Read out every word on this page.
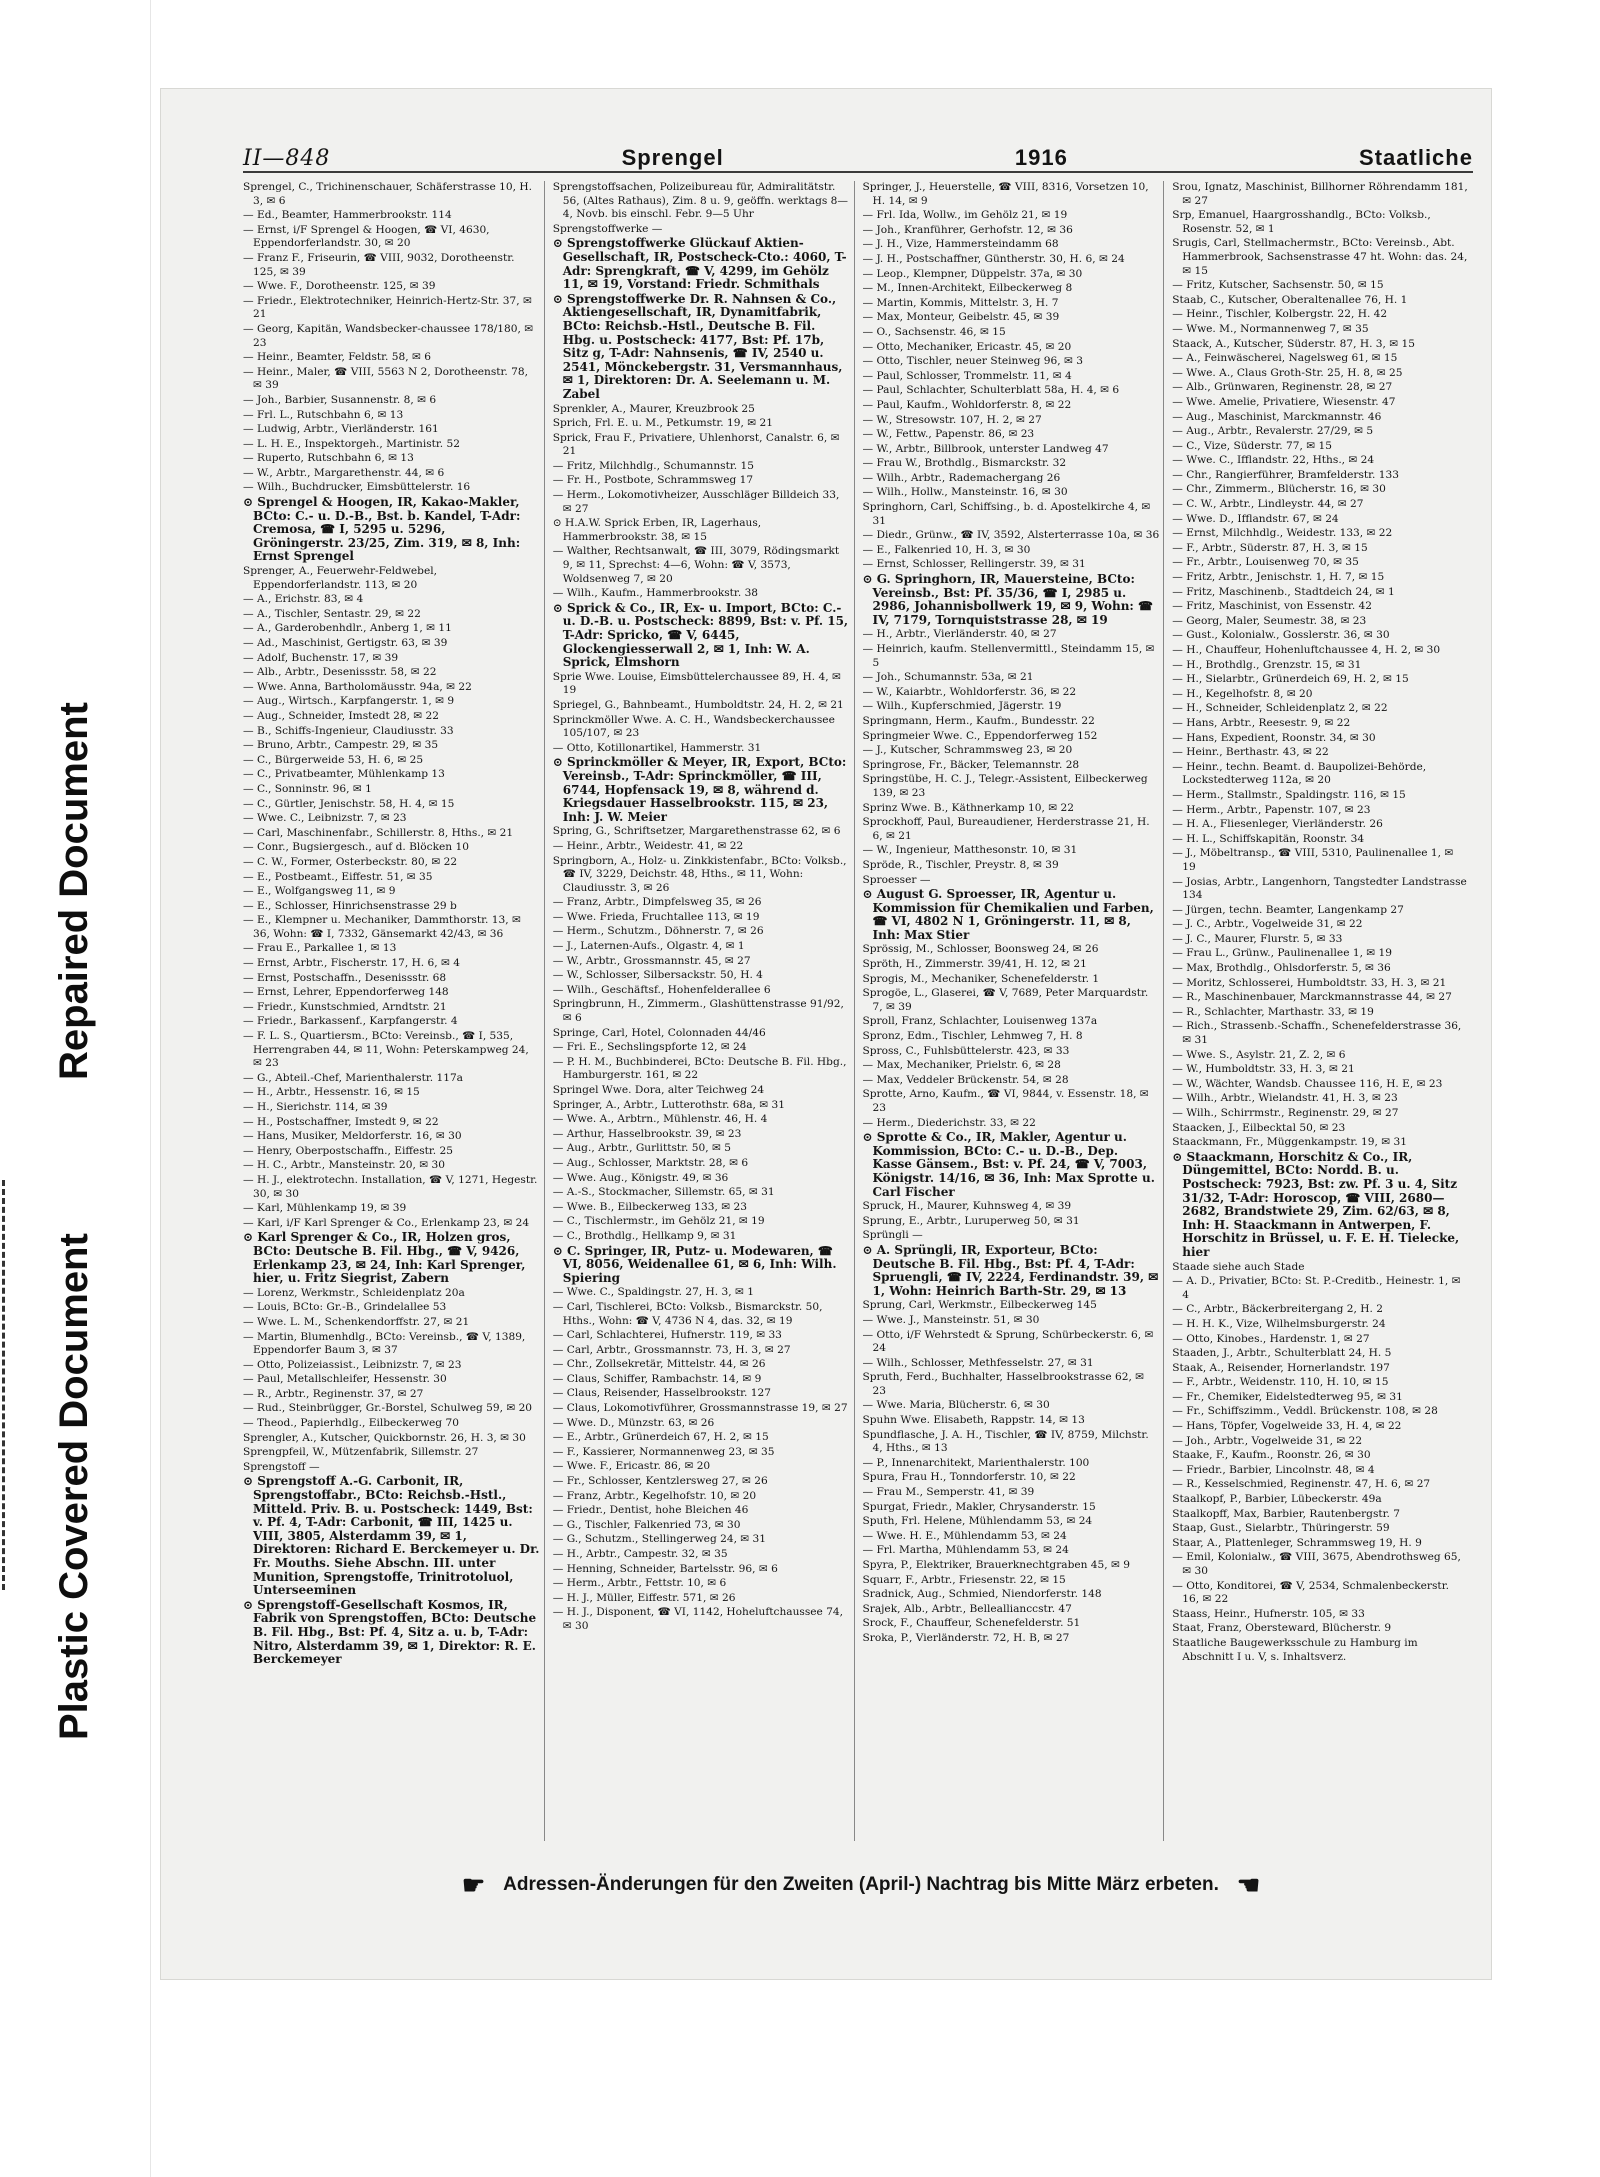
Repaired Document
Plastic Covered Document
II—848	Sprengel	1916	Staatliche
Sprengel, C., Trichinenschauer, Schäferstrasse 10, H. 3, ✉ 6
— Ed., Beamter, Hammerbrookstr. 114
— Ernst, i/F Sprengel & Hoogen, ☎ VI, 4630, Eppendorferlandstr. 30, ✉ 20
— Franz F., Friseurin, ☎ VIII, 9032, Dorotheenstr. 125, ✉ 39
— Wwe. F., Dorotheenstr. 125, ✉ 39
— Friedr., Elektrotechniker, Heinrich-Hertz-Str. 37, ✉ 21
— Georg, Kapitän, Wandsbecker-chaussee 178/180, ✉ 23
— Heinr., Beamter, Feldstr. 58, ✉ 6
— Heinr., Maler, ☎ VIII, 5563 N 2, Dorotheenstr. 78, ✉ 39
— Joh., Barbier, Susannenstr. 8, ✉ 6
— Frl. L., Rutschbahn 6, ✉ 13
— Ludwig, Arbtr., Vierländerstr. 161
— L. H. E., Inspektorgeh., Martinistr. 52
— Ruperto, Rutschbahn 6, ✉ 13
— W., Arbtr., Margarethenstr. 44, ✉ 6
— Wilh., Buchdrucker, Eimsbüttelerstr. 16
⊙ Sprengel & Hoogen, IR, Kakao-Makler, BCto: C.- u. D.-B., Bst. b. Kandel, T-Adr: Cremosa, ☎ I, 5295 u. 5296, Gröningerstr. 23/25, Zim. 319, ✉ 8, Inh: Ernst Sprengel
Sprenger, A., Feuerwehr-Feldwebel, Eppendorferlandstr. 113, ✉ 20
— A., Erichstr. 83, ✉ 4
— A., Tischler, Sentastr. 29, ✉ 22
— A., Garderobenhdlr., Anberg 1, ✉ 11
— Ad., Maschinist, Gertigstr. 63, ✉ 39
— Adolf, Buchenstr. 17, ✉ 39
— Alb., Arbtr., Desenissstr. 58, ✉ 22
— Wwe. Anna, Bartholomäusstr. 94a, ✉ 22
— Aug., Wirtsch., Karpfangerstr. 1, ✉ 9
— Aug., Schneider, Imstedt 28, ✉ 22
— B., Schiffs-Ingenieur, Claudiusstr. 33
— Bruno, Arbtr., Campestr. 29, ✉ 35
— C., Bürgerweide 53, H. 6, ✉ 25
— C., Privatbeamter, Mühlenkamp 13
— C., Sonninstr. 96, ✉ 1
— C., Gürtler, Jenischstr. 58, H. 4, ✉ 15
— Wwe. C., Leibnizstr. 7, ✉ 23
— Carl, Maschinenfabr., Schillerstr. 8, Hths., ✉ 21
— Conr., Bugsiergesch., auf d. Blöcken 10
— C. W., Former, Osterbeckstr. 80, ✉ 22
— E., Postbeamt., Eiffestr. 51, ✉ 35
— E., Wolfgangsweg 11, ✉ 9
— E., Schlosser, Hinrichsenstrasse 29 b
— E., Klempner u. Mechaniker, Dammthorstr. 13, ✉ 36, Wohn: ☎ I, 7332, Gänsemarkt 42/43, ✉ 36
— Frau E., Parkallee 1, ✉ 13
— Ernst, Arbtr., Fischerstr. 17, H. 6, ✉ 4
— Ernst, Postschaffn., Desenissstr. 68
— Ernst, Lehrer, Eppendorferweg 148
— Friedr., Kunstschmied, Arndtstr. 21
— Friedr., Barkassenf., Karpfangerstr. 4
— F. L. S., Quartiersm., BCto: Vereinsb., ☎ I, 535, Herrengraben 44, ✉ 11, Wohn: Peterskampweg 24, ✉ 23
— G., Abteil.-Chef, Marienthalerstr. 117a
— H., Arbtr., Hessenstr. 16, ✉ 15
— H., Sierichstr. 114, ✉ 39
— H., Postschaffner, Imstedt 9, ✉ 22
— Hans, Musiker, Meldorferstr. 16, ✉ 30
— Henry, Oberpostschaffn., Eiffestr. 25
— H. C., Arbtr., Mansteinstr. 20, ✉ 30
— H. J., elektrotechn. Installation, ☎ V, 1271, Hegestr. 30, ✉ 30
— Karl, Mühlenkamp 19, ✉ 39
— Karl, i/F Karl Sprenger & Co., Erlenkamp 23, ✉ 24
⊙ Karl Sprenger & Co., IR, Holzen gros, BCto: Deutsche B. Fil. Hbg., ☎ V, 9426, Erlenkamp 23, ✉ 24, Inh: Karl Sprenger, hier, u. Fritz Siegrist, Zabern
— Lorenz, Werkmstr., Schleidenplatz 20a
— Louis, BCto: Gr.-B., Grindelallee 53
— Wwe. L. M., Schenkendorffstr. 27, ✉ 21
— Martin, Blumenhdlg., BCto: Vereinsb., ☎ V, 1389, Eppendorfer Baum 3, ✉ 37
— Otto, Polizeiassist., Leibnizstr. 7, ✉ 23
— Paul, Metallschleifer, Hessenstr. 30
— R., Arbtr., Reginenstr. 37, ✉ 27
— Rud., Steinbrügger, Gr.-Borstel, Schulweg 59, ✉ 20
— Theod., Papierhdlg., Eilbeckerweg 70
Sprengler, A., Kutscher, Quickbornstr. 26, H. 3, ✉ 30
Sprengpfeil, W., Mützenfabrik, Sillemstr. 27
Sprengstoff —
⊙ Sprengstoff A.-G. Carbonit, IR, Sprengstoffabr., BCto: Reichsb.-Hstl., Mitteld. Priv. B. u. Postscheck: 1449, Bst: v. Pf. 4, T-Adr: Carbonit, ☎ III, 1425 u. VIII, 3805, Alsterdamm 39, ✉ 1, Direktoren: Richard E. Berckemeyer u. Dr. Fr. Mouths. Siehe Abschn. III. unter Munition, Sprengstoffe, Trinitrotoluol, Unterseeminen
⊙ Sprengstoff-Gesellschaft Kosmos, IR, Fabrik von Sprengstoffen, BCto: Deutsche B. Fil. Hbg., Bst: Pf. 4, Sitz a. u. b, T-Adr: Nitro, Alsterdamm 39, ✉ 1, Direktor: R. E. Berckemeyer
Sprengstoffsachen, Polizeibureau für, Admiralitätstr. 56, (Altes Rathaus), Zim. 8 u. 9, geöffn. werktags 8—4, Novb. bis einschl. Febr. 9—5 Uhr
Sprengstoffwerke —
⊙ Sprengstoffwerke Glückauf Aktien-Gesellschaft, IR, Postscheck-Cto.: 4060, T-Adr: Sprengkraft, ☎ V, 4299, im Gehölz 11, ✉ 19, Vorstand: Friedr. Schmithals
⊙ Sprengstoffwerke Dr. R. Nahnsen & Co., Aktiengesellschaft, IR, Dynamitfabrik, BCto: Reichsb.-Hstl., Deutsche B. Fil. Hbg. u. Postscheck: 4177, Bst: Pf. 17b, Sitz g, T-Adr: Nahnsenis, ☎ IV, 2540 u. 2541, Mönckebergstr. 31, Versmannhaus, ✉ 1, Direktoren: Dr. A. Seelemann u. M. Zabel
Sprenkler, A., Maurer, Kreuzbrook 25
Sprich, Frl. E. u. M., Petkumstr. 19, ✉ 21
Sprick, Frau F., Privatiere, Uhlenhorst, Canalstr. 6, ✉ 21
— Fritz, Milchhdlg., Schumannstr. 15
— Fr. H., Postbote, Schrammsweg 17
— Herm., Lokomotivheizer, Ausschläger Billdeich 33, ✉ 27
⊙ H.A.W. Sprick Erben, IR, Lagerhaus, Hammerbrookstr. 38, ✉ 15
— Walther, Rechtsanwalt, ☎ III, 3079, Rödingsmarkt 9, ✉ 11, Sprechst: 4—6, Wohn: ☎ V, 3573, Woldsenweg 7, ✉ 20
— Wilh., Kaufm., Hammerbrookstr. 38
⊙ Sprick & Co., IR, Ex- u. Import, BCto: C.- u. D.-B. u. Postscheck: 8899, Bst: v. Pf. 15, T-Adr: Spricko, ☎ V, 6445, Glockengiesserwall 2, ✉ 1, Inh: W. A. Sprick, Elmshorn
Sprie Wwe. Louise, Eimsbüttelerchaussee 89, H. 4, ✉ 19
Spriegel, G., Bahnbeamt., Humboldtstr. 24, H. 2, ✉ 21
Sprinckmöller Wwe. A. C. H., Wandsbeckerchaussee 105/107, ✉ 23
— Otto, Kotillonartikel, Hammerstr. 31
⊙ Sprinckmöller & Meyer, IR, Export, BCto: Vereinsb., T-Adr: Sprinckmöller, ☎ III, 6744, Hopfensack 19, ✉ 8, während d. Kriegsdauer Hasselbrookstr. 115, ✉ 23, Inh: J. W. Meier
Spring, G., Schriftsetzer, Margarethenstrasse 62, ✉ 6
— Heinr., Arbtr., Weidestr. 41, ✉ 22
Springborn, A., Holz- u. Zinkkistenfabr., BCto: Volksb., ☎ IV, 3229, Deichstr. 48, Hths., ✉ 11, Wohn: Claudiusstr. 3, ✉ 26
— Franz, Arbtr., Dimpfelsweg 35, ✉ 26
— Wwe. Frieda, Fruchtallee 113, ✉ 19
— Herm., Schutzm., Döhnerstr. 7, ✉ 26
— J., Laternen-Aufs., Olgastr. 4, ✉ 1
— W., Arbtr., Grossmannstr. 45, ✉ 27
— W., Schlosser, Silbersackstr. 50, H. 4
— Wilh., Geschäftsf., Hohenfelderallee 6
Springbrunn, H., Zimmerm., Glashüttenstrasse 91/92, ✉ 6
Springe, Carl, Hotel, Colonnaden 44/46
— Fri. E., Sechslingspforte 12, ✉ 24
— P. H. M., Buchbinderei, BCto: Deutsche B. Fil. Hbg., Hamburgerstr. 161, ✉ 22
Springel Wwe. Dora, alter Teichweg 24
Springer, A., Arbtr., Lutterothstr. 68a, ✉ 31
— Wwe. A., Arbtrn., Mühlenstr. 46, H. 4
— Arthur, Hasselbrookstr. 39, ✉ 23
— Aug., Arbtr., Gurlittstr. 50, ✉ 5
— Aug., Schlosser, Marktstr. 28, ✉ 6
— Wwe. Aug., Königstr. 49, ✉ 36
— A.-S., Stockmacher, Sillemstr. 65, ✉ 31
— Wwe. B., Eilbeckerweg 133, ✉ 23
— C., Tischlermstr., im Gehölz 21, ✉ 19
— C., Brothdlg., Hellkamp 9, ✉ 31
⊙ C. Springer, IR, Putz- u. Modewaren, ☎ VI, 8056, Weidenallee 61, ✉ 6, Inh: Wilh. Spiering
— Wwe. C., Spaldingstr. 27, H. 3, ✉ 1
— Carl, Tischlerei, BCto: Volksb., Bismarckstr. 50, Hths., Wohn: ☎ V, 4736 N 4, das. 32, ✉ 19
— Carl, Schlachterei, Hufnerstr. 119, ✉ 33
— Carl, Arbtr., Grossmannstr. 73, H. 3, ✉ 27
— Chr., Zollsekretär, Mittelstr. 44, ✉ 26
— Claus, Schiffer, Rambachstr. 14, ✉ 9
— Claus, Reisender, Hasselbrookstr. 127
— Claus, Lokomotivführer, Grossmannstrasse 19, ✉ 27
— Wwe. D., Münzstr. 63, ✉ 26
— E., Arbtr., Grünerdeich 67, H. 2, ✉ 15
— F., Kassierer, Normannenweg 23, ✉ 35
— Wwe. F., Ericastr. 86, ✉ 20
— Fr., Schlosser, Kentzlersweg 27, ✉ 26
— Franz, Arbtr., Kegelhofstr. 10, ✉ 20
— Friedr., Dentist, hohe Bleichen 46
— G., Tischler, Falkenried 73, ✉ 30
— G., Schutzm., Stellingerweg 24, ✉ 31
— H., Arbtr., Campestr. 32, ✉ 35
— Henning, Schneider, Bartelsstr. 96, ✉ 6
— Herm., Arbtr., Fettstr. 10, ✉ 6
— H. J., Müller, Eiffestr. 571, ✉ 26
— H. J., Disponent, ☎ VI, 1142, Hoheluftchaussee 74, ✉ 30
Springer, J., Heuerstelle, ☎ VIII, 8316, Vorsetzen 10, H. 14, ✉ 9
— Frl. Ida, Wollw., im Gehölz 21, ✉ 19
— Joh., Kranführer, Gerhofstr. 12, ✉ 36
— J. H., Vize, Hammersteindamm 68
— J. H., Postschaffner, Güntherstr. 30, H. 6, ✉ 24
— Leop., Klempner, Düppelstr. 37a, ✉ 30
— M., Innen-Architekt, Eilbeckerweg 8
— Martin, Kommis, Mittelstr. 3, H. 7
— Max, Monteur, Geibelstr. 45, ✉ 39
— O., Sachsenstr. 46, ✉ 15
— Otto, Mechaniker, Ericastr. 45, ✉ 20
— Otto, Tischler, neuer Steinweg 96, ✉ 3
— Paul, Schlosser, Trommelstr. 11, ✉ 4
— Paul, Schlachter, Schulterblatt 58a, H. 4, ✉ 6
— Paul, Kaufm., Wohldorferstr. 8, ✉ 22
— W., Stresowstr. 107, H. 2, ✉ 27
— W., Fettw., Papenstr. 86, ✉ 23
— W., Arbtr., Billbrook, unterster Landweg 47
— Frau W., Brothdlg., Bismarckstr. 32
— Wilh., Arbtr., Rademachergang 26
— Wilh., Hollw., Mansteinstr. 16, ✉ 30
Springhorn, Carl, Schiffsing., b. d. Apostelkirche 4, ✉ 31
— Diedr., Grünw., ☎ IV, 3592, Alsterterrasse 10a, ✉ 36
— E., Falkenried 10, H. 3, ✉ 30
— Ernst, Schlosser, Rellingerstr. 39, ✉ 31
⊙ G. Springhorn, IR, Mauersteine, BCto: Vereinsb., Bst: Pf. 35/36, ☎ I, 2985 u. 2986, Johannisbollwerk 19, ✉ 9, Wohn: ☎ IV, 7179, Tornquiststrasse 28, ✉ 19
— H., Arbtr., Vierländerstr. 40, ✉ 27
— Heinrich, kaufm. Stellenvermittl., Steindamm 15, ✉ 5
— Joh., Schumannstr. 53a, ✉ 21
— W., Kaiarbtr., Wohldorferstr. 36, ✉ 22
— Wilh., Kupferschmied, Jägerstr. 19
Springmann, Herm., Kaufm., Bundesstr. 22
Springmeier Wwe. C., Eppendorferweg 152
— J., Kutscher, Schrammsweg 23, ✉ 20
Springrose, Fr., Bäcker, Telemannstr. 28
Springstübe, H. C. J., Telegr.-Assistent, Eilbeckerweg 139, ✉ 23
Sprinz Wwe. B., Käthnerkamp 10, ✉ 22
Sprockhoff, Paul, Bureaudiener, Herderstrasse 21, H. 6, ✉ 21
— W., Ingenieur, Matthesonstr. 10, ✉ 31
Spröde, R., Tischler, Preystr. 8, ✉ 39
Sproesser —
⊙ August G. Sproesser, IR, Agentur u. Kommission für Chemikalien und Farben, ☎ VI, 4802 N 1, Gröningerstr. 11, ✉ 8, Inh: Max Stier
Sprössig, M., Schlosser, Boonsweg 24, ✉ 26
Spröth, H., Zimmerstr. 39/41, H. 12, ✉ 21
Sprogis, M., Mechaniker, Schenefelderstr. 1
Sprogöe, L., Glaserei, ☎ V, 7689, Peter Marquardstr. 7, ✉ 39
Sproll, Franz, Schlachter, Louisenweg 137a
Spronz, Edm., Tischler, Lehmweg 7, H. 8
Spross, C., Fuhlsbüttelerstr. 423, ✉ 33
— Max, Mechaniker, Prielstr. 6, ✉ 28
— Max, Veddeler Brückenstr. 54, ✉ 28
Sprotte, Arno, Kaufm., ☎ VI, 9844, v. Essenstr. 18, ✉ 23
— Herm., Diederichstr. 33, ✉ 22
⊙ Sprotte & Co., IR, Makler, Agentur u. Kommission, BCto: C.- u. D.-B., Dep. Kasse Gänsem., Bst: v. Pf. 24, ☎ V, 7003, Königstr. 14/16, ✉ 36, Inh: Max Sprotte u. Carl Fischer
Spruck, H., Maurer, Kuhnsweg 4, ✉ 39
Sprung, E., Arbtr., Luruperweg 50, ✉ 31
Sprüngli —
⊙ A. Sprüngli, IR, Exporteur, BCto: Deutsche B. Fil. Hbg., Bst: Pf. 4, T-Adr: Spruengli, ☎ IV, 2224, Ferdinandstr. 39, ✉ 1, Wohn: Heinrich Barth-Str. 29, ✉ 13
Sprung, Carl, Werkmstr., Eilbeckerweg 145
— Wwe. J., Mansteinstr. 51, ✉ 30
— Otto, i/F Wehrstedt & Sprung, Schürbeckerstr. 6, ✉ 24
— Wilh., Schlosser, Methfesselstr. 27, ✉ 31
Spruth, Ferd., Buchhalter, Hasselbrookstrasse 62, ✉ 23
— Wwe. Maria, Blücherstr. 6, ✉ 30
Spuhn Wwe. Elisabeth, Rappstr. 14, ✉ 13
Spundflasche, J. A. H., Tischler, ☎ IV, 8759, Milchstr. 4, Hths., ✉ 13
— P., Innenarchitekt, Marienthalerstr. 100
Spura, Frau H., Tonndorferstr. 10, ✉ 22
— Frau M., Semperstr. 41, ✉ 39
Spurgat, Friedr., Makler, Chrysanderstr. 15
Sputh, Frl. Helene, Mühlendamm 53, ✉ 24
— Wwe. H. E., Mühlendamm 53, ✉ 24
— Frl. Martha, Mühlendamm 53, ✉ 24
Spyra, P., Elektriker, Brauerknechtgraben 45, ✉ 9
Squarr, F., Arbtr., Friesenstr. 22, ✉ 15
Sradnick, Aug., Schmied, Niendorferstr. 148
Srajek, Alb., Arbtr., Belleallianccstr. 47
Srock, F., Chauffeur, Schenefelderstr. 51
Sroka, P., Vierländerstr. 72, H. B, ✉ 27
Srou, Ignatz, Maschinist, Billhorner Röhrendamm 181, ✉ 27
Srp, Emanuel, Haargrosshandlg., BCto: Volksb., Rosenstr. 52, ✉ 1
Srugis, Carl, Stellmachermstr., BCto: Vereinsb., Abt. Hammerbrook, Sachsenstrasse 47 ht. Wohn: das. 24, ✉ 15
— Fritz, Kutscher, Sachsenstr. 50, ✉ 15
Staab, C., Kutscher, Oberaltenallee 76, H. 1
— Heinr., Tischler, Kolbergstr. 22, H. 42
— Wwe. M., Normannenweg 7, ✉ 35
Staack, A., Kutscher, Süderstr. 87, H. 3, ✉ 15
— A., Feinwäscherei, Nagelsweg 61, ✉ 15
— Wwe. A., Claus Groth-Str. 25, H. 8, ✉ 25
— Alb., Grünwaren, Reginenstr. 28, ✉ 27
— Wwe. Amelie, Privatiere, Wiesenstr. 47
— Aug., Maschinist, Marckmannstr. 46
— Aug., Arbtr., Revalerstr. 27/29, ✉ 5
— C., Vize, Süderstr. 77, ✉ 15
— Wwe. C., Ifflandstr. 22, Hths., ✉ 24
— Chr., Rangierführer, Bramfelderstr. 133
— Chr., Zimmerm., Blücherstr. 16, ✉ 30
— C. W., Arbtr., Lindleystr. 44, ✉ 27
— Wwe. D., Ifflandstr. 67, ✉ 24
— Ernst, Milchhdlg., Weidestr. 133, ✉ 22
— F., Arbtr., Süderstr. 87, H. 3, ✉ 15
— Fr., Arbtr., Louisenweg 70, ✉ 35
— Fritz, Arbtr., Jenischstr. 1, H. 7, ✉ 15
— Fritz, Maschinenb., Stadtdeich 24, ✉ 1
— Fritz, Maschinist, von Essenstr. 42
— Georg, Maler, Seumestr. 38, ✉ 23
— Gust., Kolonialw., Gosslerstr. 36, ✉ 30
— H., Chauffeur, Hohenluftchaussee 4, H. 2, ✉ 30
— H., Brothdlg., Grenzstr. 15, ✉ 31
— H., Sielarbtr., Grünerdeich 69, H. 2, ✉ 15
— H., Kegelhofstr. 8, ✉ 20
— H., Schneider, Schleidenplatz 2, ✉ 22
— Hans, Arbtr., Reesestr. 9, ✉ 22
— Hans, Expedient, Roonstr. 34, ✉ 30
— Heinr., Berthastr. 43, ✉ 22
— Heinr., techn. Beamt. d. Baupolizei-Behörde, Lockstedterweg 112a, ✉ 20
— Herm., Stallmstr., Spaldingstr. 116, ✉ 15
— Herm., Arbtr., Papenstr. 107, ✉ 23
— H. A., Fliesenleger, Vierländerstr. 26
— H. L., Schiffskapitän, Roonstr. 34
— J., Möbeltransp., ☎ VIII, 5310, Paulinenallee 1, ✉ 19
— Josias, Arbtr., Langenhorn, Tangstedter Landstrasse 134
— Jürgen, techn. Beamter, Langenkamp 27
— J. C., Arbtr., Vogelweide 31, ✉ 22
— J. C., Maurer, Flurstr. 5, ✉ 33
— Frau L., Grünw., Paulinenallee 1, ✉ 19
— Max, Brothdlg., Ohlsdorferstr. 5, ✉ 36
— Moritz, Schlosserei, Humboldtstr. 33, H. 3, ✉ 21
— R., Maschinenbauer, Marckmannstrasse 44, ✉ 27
— R., Schlachter, Marthastr. 33, ✉ 19
— Rich., Strassenb.-Schaffn., Schenefelderstrasse 36, ✉ 31
— Wwe. S., Asylstr. 21, Z. 2, ✉ 6
— W., Humboldtstr. 33, H. 3, ✉ 21
— W., Wächter, Wandsb. Chaussee 116, H. E, ✉ 23
— Wilh., Arbtr., Wielandstr. 41, H. 3, ✉ 23
— Wilh., Schirrmstr., Reginenstr. 29, ✉ 27
Staacken, J., Eilbecktal 50, ✉ 23
Staackmann, Fr., Müggenkampstr. 19, ✉ 31
⊙ Staackmann, Horschitz & Co., IR, Düngemittel, BCto: Nordd. B. u. Postscheck: 7923, Bst: zw. Pf. 3 u. 4, Sitz 31/32, T-Adr: Horoscop, ☎ VIII, 2680—2682, Brandstwiete 29, Zim. 62/63, ✉ 8, Inh: H. Staackmann in Antwerpen, F. Horschitz in Brüssel, u. F. E. H. Tielecke, hier
Staade siehe auch Stade
— A. D., Privatier, BCto: St. P.-Creditb., Heinestr. 1, ✉ 4
— C., Arbtr., Bäckerbreitergang 2, H. 2
— H. H. K., Vize, Wilhelmsburgerstr. 24
— Otto, Kinobes., Hardenstr. 1, ✉ 27
Staaden, J., Arbtr., Schulterblatt 24, H. 5
Staak, A., Reisender, Hornerlandstr. 197
— F., Arbtr., Weidenstr. 110, H. 10, ✉ 15
— Fr., Chemiker, Eidelstedterweg 95, ✉ 31
— Fr., Schiffszimm., Veddl. Brückenstr. 108, ✉ 28
— Hans, Töpfer, Vogelweide 33, H. 4, ✉ 22
— Joh., Arbtr., Vogelweide 31, ✉ 22
Staake, F., Kaufm., Roonstr. 26, ✉ 30
— Friedr., Barbier, Lincolnstr. 48, ✉ 4
— R., Kesselschmied, Reginenstr. 47, H. 6, ✉ 27
Staalkopf, P., Barbier, Lübeckerstr. 49a
Staalkopff, Max, Barbier, Rautenbergstr. 7
Staap, Gust., Sielarbtr., Thüringerstr. 59
Staar, A., Plattenleger, Schrammsweg 19, H. 9
— Emil, Kolonialw., ☎ VIII, 3675, Abendrothsweg 65, ✉ 30
— Otto, Konditorei, ☎ V, 2534, Schmalenbeckerstr. 16, ✉ 22
Staass, Heinr., Hufnerstr. 105, ✉ 33
Staat, Franz, Obersteward, Blücherstr. 9
Staatliche Baugewerksschule zu Hamburg im Abschnitt I u. V, s. Inhaltsverz.
☛ Adressen-Änderungen für den Zweiten (April-) Nachtrag bis Mitte März erbeten. ☚
